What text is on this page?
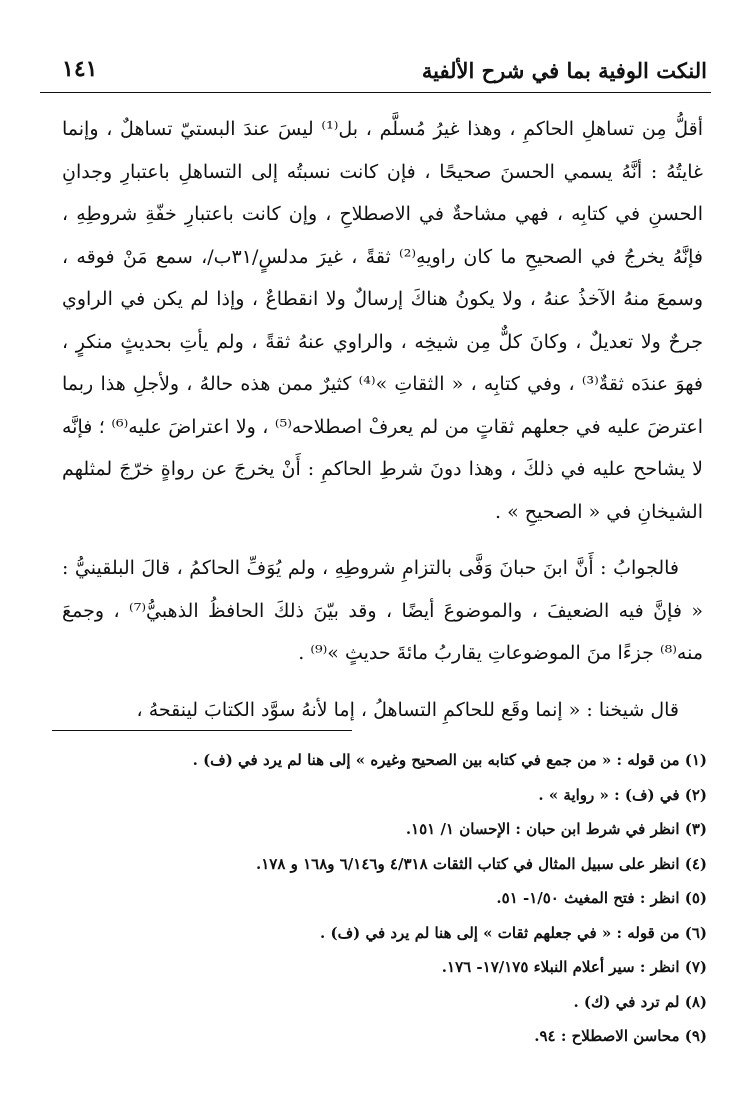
النكت الوفية بما في شرح الألفية
١٤١

أقلُّ مِن تساهلِ الحاكمِ ، وهذا غيرُ مُسلَّم ، بل⁽¹⁾ ليسَ عندَ البستيّ تساهلٌ ، وإنما غايتُهُ : أنَّهُ يسمي الحسنَ صحيحًا ، فإن كانت نسبتُه إلى التساهلِ باعتبارِ وجدانِ الحسنِ في كتابِه ، فهي مشاحةٌ في الاصطلاحِ ، وإن كانت باعتبارِ خفّةِ شروطِهِ ، فإنَّهُ يخرجُ في الصحيحِ ما كان راويهِ⁽²⁾ ثقةً ، غيرَ مدلسٍ/٣١ب/، سمع مَنْ فوقه ، وسمعَ منهُ الآخذُ عنهُ ، ولا يكونُ هناكَ إرسالٌ ولا انقطاعٌ ، وإذا لم يكن في الراوي جرحٌ ولا تعديلٌ ، وكانَ كلٌّ مِن شيخِه ، والراوي عنهُ ثقةً ، ولم يأتِ بحديثٍ منكرٍ ، فهوَ عندَه ثقةٌ⁽³⁾ ، وفي كتابِه ، « الثقاتِ »⁽⁴⁾ كثيرٌ ممن هذه حالهُ ، ولأجلِ هذا ربما اعترضَ عليه في جعلهم ثقاتٍ من لم يعرفْ اصطلاحه⁽⁵⁾ ، ولا اعتراضَ عليه⁽⁶⁾ ؛ فإنَّه لا يشاحح عليه في ذلكَ ، وهذا دونَ شرطِ الحاكمِ : أَنْ يخرجَ عن رواةٍ خرّجَ لمثلهم الشيخانِ في « الصحيحِ » .

فالجوابُ : أَنَّ ابنَ حبانَ وَفَّى بالتزامِ شروطِهِ ، ولم يُوَفِّ الحاكمُ ، قالَ البلقينيُّ : « فإنَّ فيه الضعيفَ ، والموضوعَ أيضًا ، وقد بيّنَ ذلكَ الحافظُ الذهبيُّ⁽⁷⁾ ، وجمعَ منه⁽⁸⁾ جزءًا منَ الموضوعاتِ يقاربُ مائةَ حديثٍ »⁽⁹⁾ .

قال شيخنا : « إنما وقَع للحاكمِ التساهلُ ، إما لأنهُ سوَّد الكتابَ لينقحهُ ،

(١) من قوله : « من جمع في كتابه بين الصحيح وغيره » إلى هنا لم يرد في (ف) .
(٢) في (ف) : « رواية » .
(٣) انظر في شرط ابن حبان : الإحسان ١/ ١٥١.
(٤) انظر على سبيل المثال في كتاب الثقات ٤/٣١٨ و٦/١٤٦ و١٦٨ و ١٧٨.
(٥) انظر : فتح المغيث ١/٥٠- ٥١.
(٦) من قوله : « في جعلهم ثقات » إلى هنا لم يرد في (ف) .
(٧) انظر : سير أعلام النبلاء ١٧/١٧٥- ١٧٦.
(٨) لم ترد في (ك) .
(٩) محاسن الاصطلاح : ٩٤.
